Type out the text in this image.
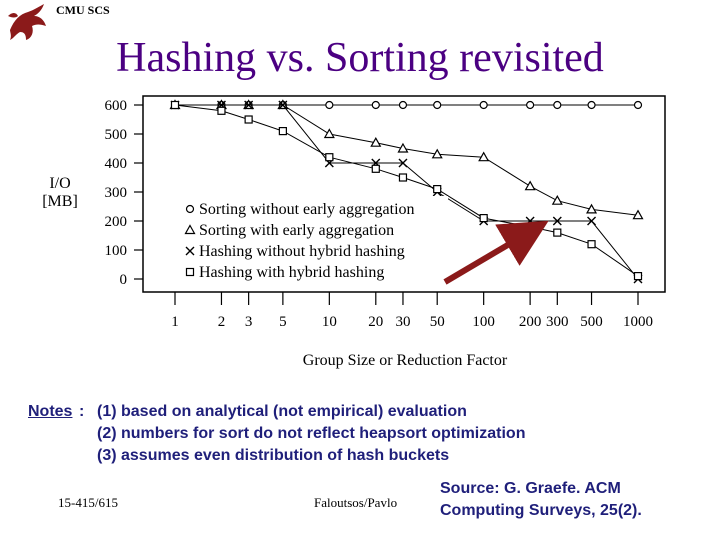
CMU SCS
Hashing vs. Sorting revisited
0
100
200
300
400
500
600
1	2 3 5 10 20 30 50 100 200 300 500 1000
Sorting without early aggregation
Sorting with early aggregation
Hashing without hybrid hashing
Hashing with hybrid hashing
I/O
[MB]
Group Size or Reduction Factor
Notes : (1) based on analytical (not empirical) evaluation
(2) numbers for sort do not reflect heapsort optimization
(3) assumes even distribution of hash buckets
15-415/615	Faloutsos/Pavlo
Source: G. Graefe. ACM
Computing Surveys, 25(2).
